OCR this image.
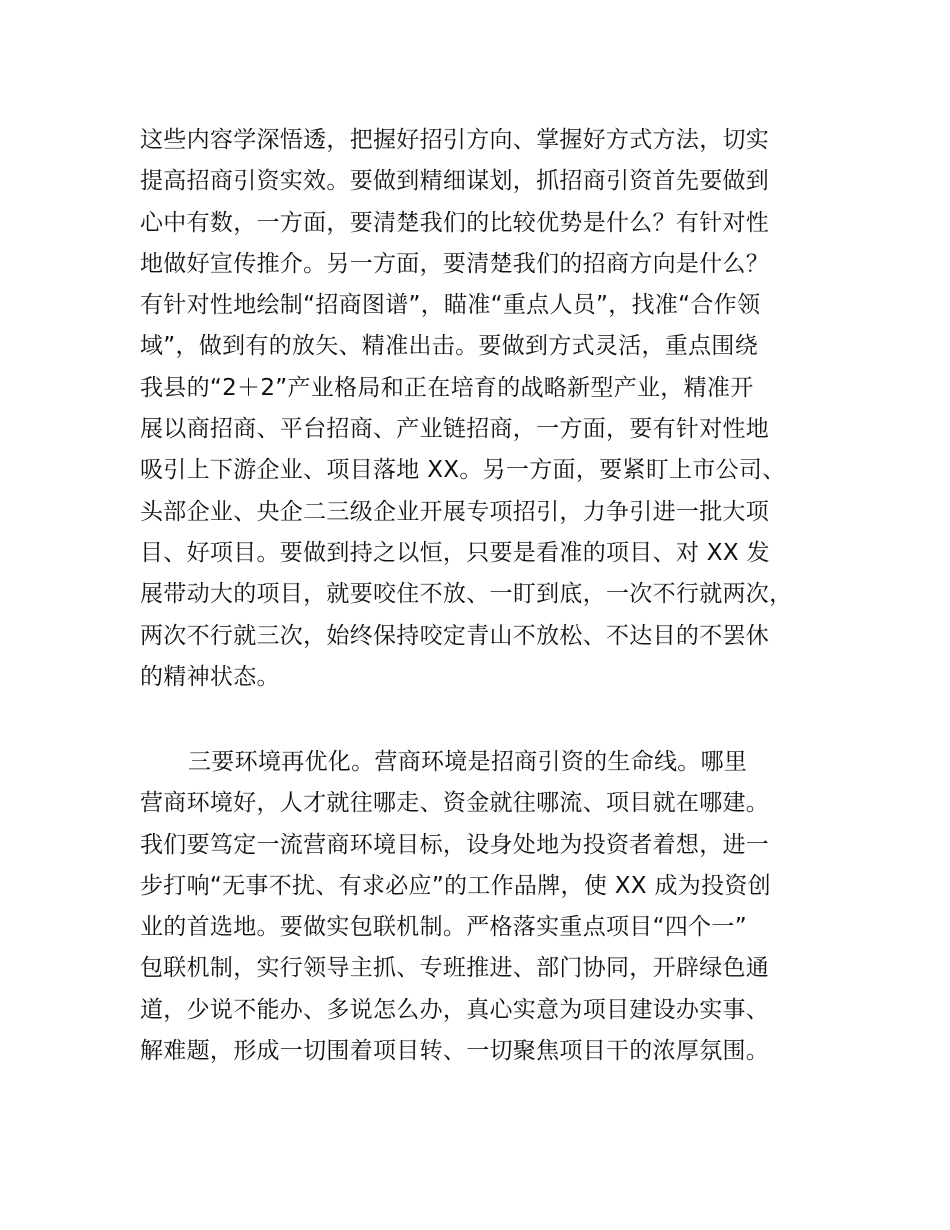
这些内容学深悟透，把握好招引方向、掌握好方式方法，切实
提高招商引资实效。要做到精细谋划，抓招商引资首先要做到
心中有数，一方面，要清楚我们的比较优势是什么？有针对性
地做好宣传推介。另一方面，要清楚我们的招商方向是什么？
有针对性地绘制“招商图谱”，瞄准“重点人员”，找准“合作领
域”，做到有的放矢、精准出击。要做到方式灵活，重点围绕
我县的“2＋2”产业格局和正在培育的战略新型产业，精准开
展以商招商、平台招商、产业链招商，一方面，要有针对性地
吸引上下游企业、项目落地 XX。另一方面，要紧盯上市公司、
头部企业、央企二三级企业开展专项招引，力争引进一批大项
目、好项目。要做到持之以恒，只要是看准的项目、对 XX 发
展带动大的项目，就要咬住不放、一盯到底，一次不行就两次，
两次不行就三次，始终保持咬定青山不放松、不达目的不罢休
的精神状态。
三要环境再优化。营商环境是招商引资的生命线。哪里
营商环境好，人才就往哪走、资金就往哪流、项目就在哪建。
我们要笃定一流营商环境目标，设身处地为投资者着想，进一
步打响“无事不扰、有求必应”的工作品牌，使 XX 成为投资创
业的首选地。要做实包联机制。严格落实重点项目“四个一”
包联机制，实行领导主抓、专班推进、部门协同，开辟绿色通
道，少说不能办、多说怎么办，真心实意为项目建设办实事、
解难题，形成一切围着项目转、一切聚焦项目干的浓厚氛围。
